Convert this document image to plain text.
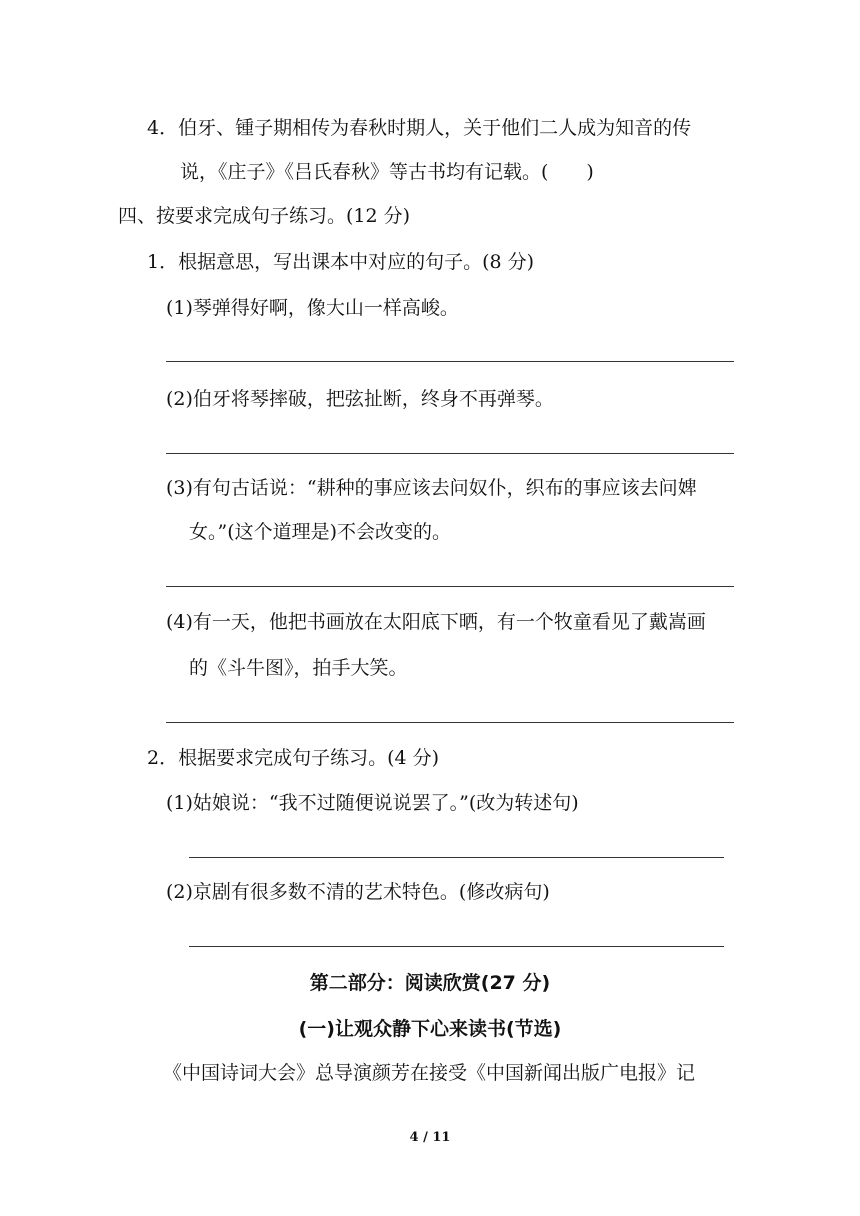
4．伯牙、锺子期相传为春秋时期人，关于他们二人成为知音的传
说，《庄子》《吕氏春秋》等古书均有记载。(　　)
四、按要求完成句子练习。(12 分)
1．根据意思，写出课本中对应的句子。(8 分)
(1)琴弹得好啊，像大山一样高峻。
(2)伯牙将琴摔破，把弦扯断，终身不再弹琴。
(3)有句古话说：“耕种的事应该去问奴仆，织布的事应该去问婢
女。”(这个道理是)不会改变的。
(4)有一天，他把书画放在太阳底下晒，有一个牧童看见了戴嵩画
的《斗牛图》，拍手大笑。
2．根据要求完成句子练习。(4 分)
(1)姑娘说：“我不过随便说说罢了。”(改为转述句)
(2)京剧有很多数不清的艺术特色。(修改病句)
第二部分：阅读欣赏(27 分)
(一)让观众静下心来读书(节选)
《中国诗词大会》总导演颜芳在接受《中国新闻出版广电报》记
4 / 11
